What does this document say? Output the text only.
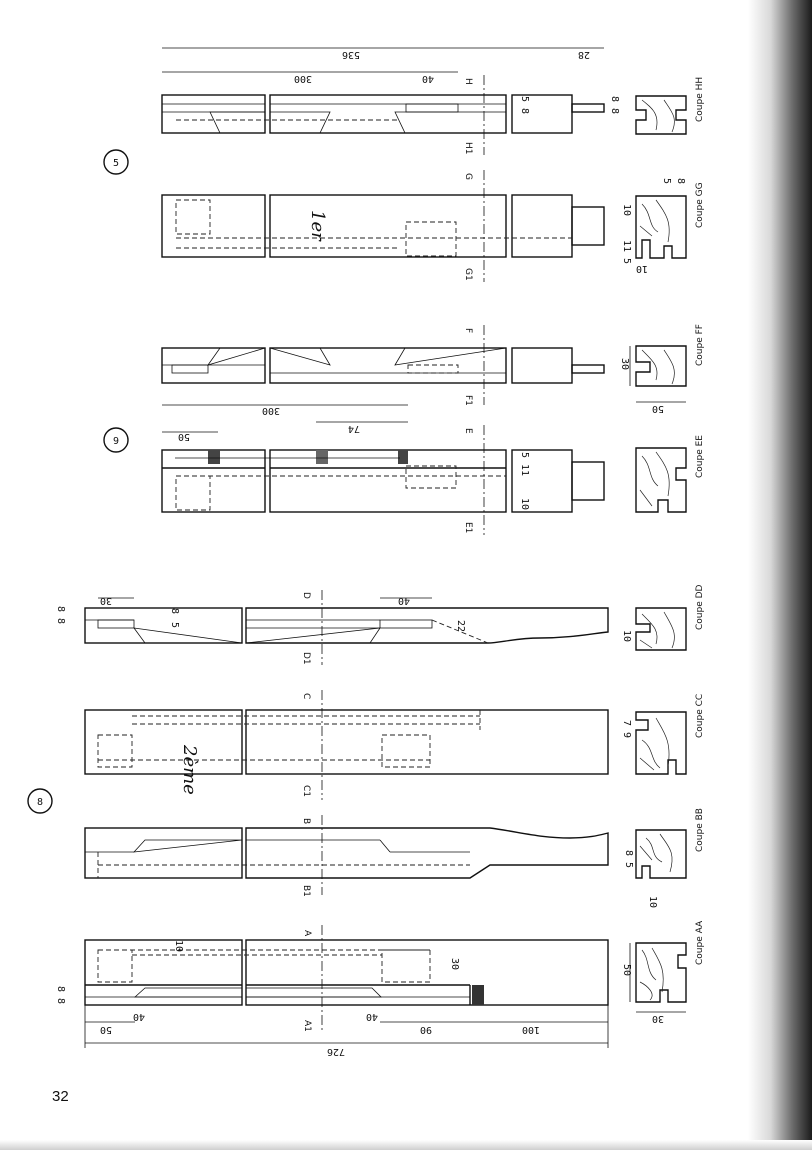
8
A
A1
726
50	90	100
40	40
30
10
8 8
50
30
Coupe AA
B
B1
8 5
10
Coupe BB
C
C1
2ème
7 9	Coupe CC
D
D1
30	40
8
5	22
8 8
10
Coupe DD
9
E
E1
300
50
74
5 11
10
Coupe EE
F
F1
30
50
Coupe FF
5
G
G1
1er	10
8
5
11 5
10
Coupe GG
H
H1
536	28
300	40
5 8	8 8	Coupe HH
32
